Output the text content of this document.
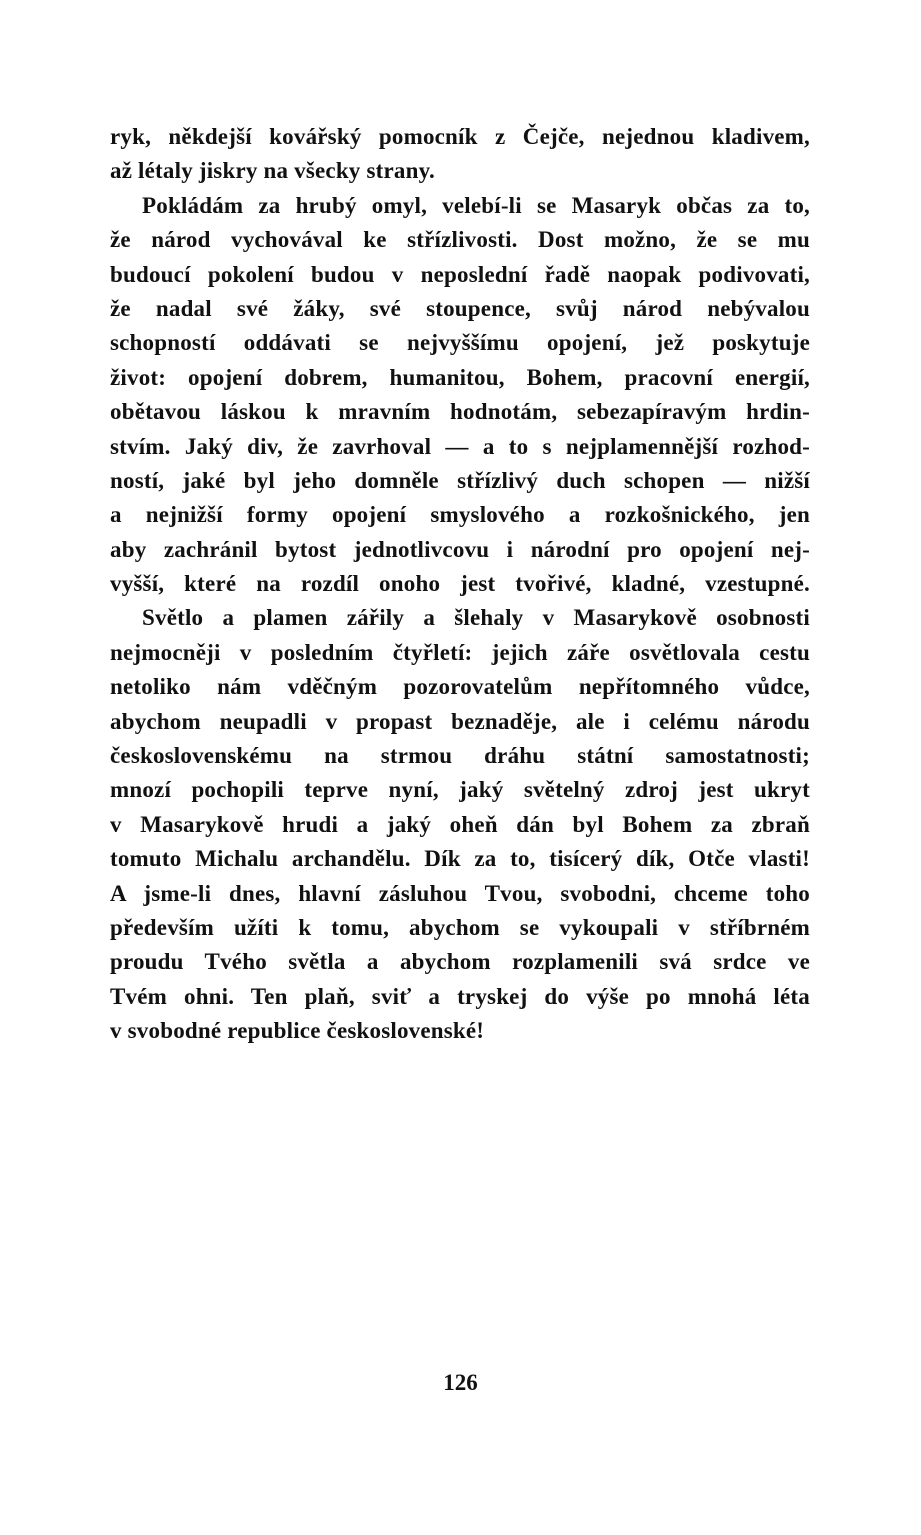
ryk, někdejší kovářský pomocník z Čejče, nejednou kladivem,
až létaly jiskry na všecky strany.
Pokládám za hrubý omyl, velebí-li se Masaryk občas za to,
že národ vychovával ke střízlivosti. Dost možno, že se mu
budoucí pokolení budou v neposlední řadě naopak podivovati,
že nadal své žáky, své stoupence, svůj národ nebývalou
schopností oddávati se nejvyššímu opojení, jež poskytuje
život: opojení dobrem, humanitou, Bohem, pracovní energií,
obětavou láskou k mravním hodnotám, sebezapíravým hrdin-
stvím. Jaký div, že zavrhoval — a to s nejplamennější rozhod-
ností, jaké byl jeho domněle střízlivý duch schopen — nižší
a nejnižší formy opojení smyslového a rozkošnického, jen
aby zachránil bytost jednotlivcovu i národní pro opojení nej-
vyšší, které na rozdíl onoho jest tvořivé, kladné, vzestupné.
Světlo a plamen zářily a šlehaly v Masarykově osobnosti
nejmocněji v posledním čtyřletí: jejich záře osvětlovala cestu
netoliko nám vděčným pozorovatelům nepřítomného vůdce,
abychom neupadli v propast beznaděje, ale i celému národu
československému na strmou dráhu státní samostatnosti;
mnozí pochopili teprve nyní, jaký světelný zdroj jest ukryt
v Masarykově hrudi a jaký oheň dán byl Bohem za zbraň
tomuto Michalu archandělu. Dík za to, tisícerý dík, Otče vlasti!
A jsme-li dnes, hlavní zásluhou Tvou, svobodni, chceme toho
především užíti k tomu, abychom se vykoupali v stříbrném
proudu Tvého světla a abychom rozplamenili svá srdce ve
Tvém ohni. Ten plaň, sviť a tryskej do výše po mnohá léta
v svobodné republice československé!
126
